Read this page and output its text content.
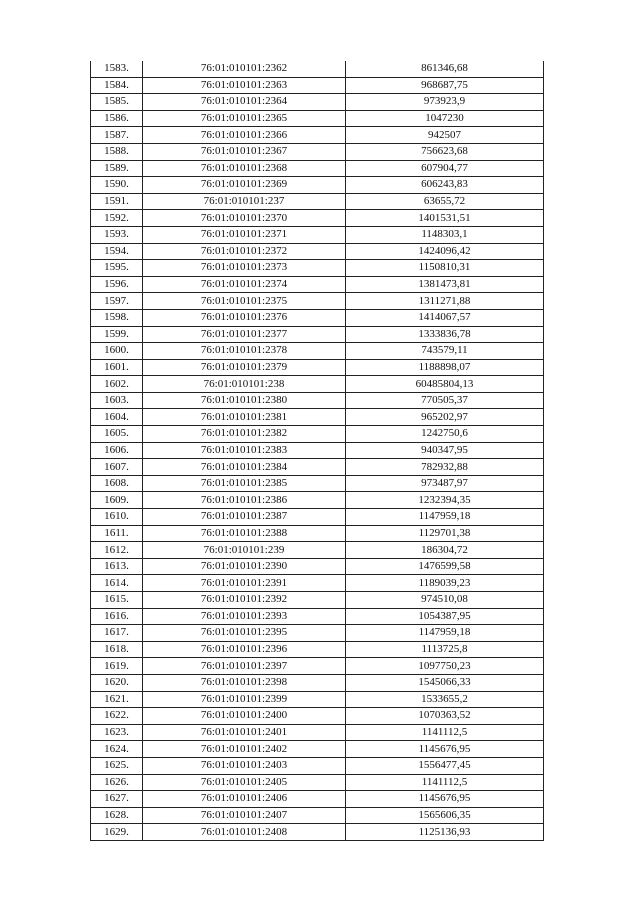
1583.	76:01:010101:2362	861346,68
1584.	76:01:010101:2363	968687,75
1585.	76:01:010101:2364	973923,9
1586.	76:01:010101:2365	1047230
1587.	76:01:010101:2366	942507
1588.	76:01:010101:2367	756623,68
1589.	76:01:010101:2368	607904,77
1590.	76:01:010101:2369	606243,83
1591.	76:01:010101:237	63655,72
1592.	76:01:010101:2370	1401531,51
1593.	76:01:010101:2371	1148303,1
1594.	76:01:010101:2372	1424096,42
1595.	76:01:010101:2373	1150810,31
1596.	76:01:010101:2374	1381473,81
1597.	76:01:010101:2375	1311271,88
1598.	76:01:010101:2376	1414067,57
1599.	76:01:010101:2377	1333836,78
1600.	76:01:010101:2378	743579,11
1601.	76:01:010101:2379	1188898,07
1602.	76:01:010101:238	60485804,13
1603.	76:01:010101:2380	770505,37
1604.	76:01:010101:2381	965202,97
1605.	76:01:010101:2382	1242750,6
1606.	76:01:010101:2383	940347,95
1607.	76:01:010101:2384	782932,88
1608.	76:01:010101:2385	973487,97
1609.	76:01:010101:2386	1232394,35
1610.	76:01:010101:2387	1147959,18
1611.	76:01:010101:2388	1129701,38
1612.	76:01:010101:239	186304,72
1613.	76:01:010101:2390	1476599,58
1614.	76:01:010101:2391	1189039,23
1615.	76:01:010101:2392	974510,08
1616.	76:01:010101:2393	1054387,95
1617.	76:01:010101:2395	1147959,18
1618.	76:01:010101:2396	1113725,8
1619.	76:01:010101:2397	1097750,23
1620.	76:01:010101:2398	1545066,33
1621.	76:01:010101:2399	1533655,2
1622.	76:01:010101:2400	1070363,52
1623.	76:01:010101:2401	1141112,5
1624.	76:01:010101:2402	1145676,95
1625.	76:01:010101:2403	1556477,45
1626.	76:01:010101:2405	1141112,5
1627.	76:01:010101:2406	1145676,95
1628.	76:01:010101:2407	1565606,35
1629.	76:01:010101:2408	1125136,93
